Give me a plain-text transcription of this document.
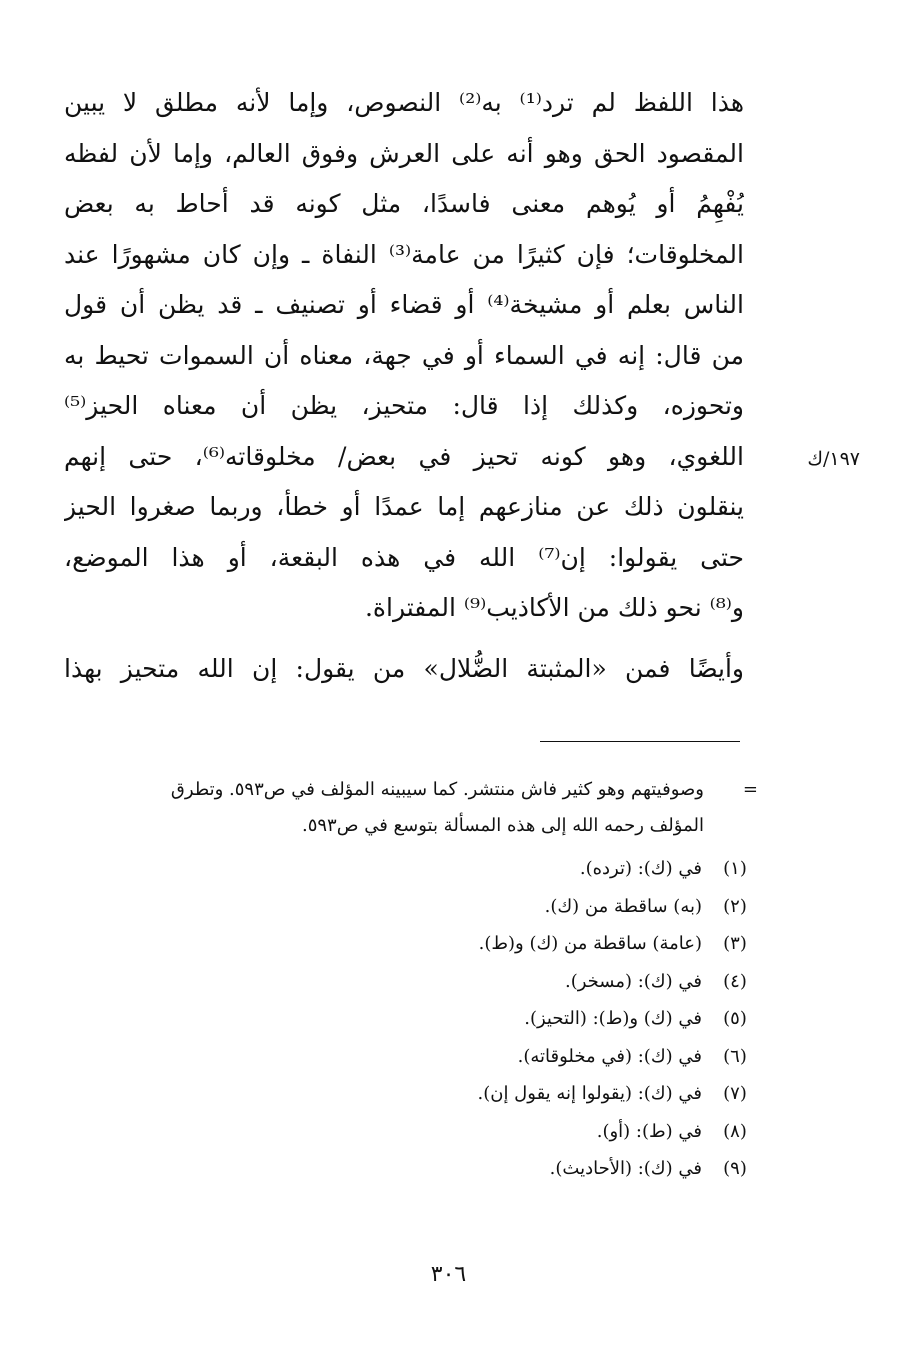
هذا اللفظ لم ترد⁽¹⁾ به⁽²⁾ النصوص، وإما لأنه مطلق لا يبين
المقصود الحق وهو أنه على العرش وفوق العالم، وإما لأن لفظه
يُفْهِمُ أو يُوهم معنى فاسدًا، مثل كونه قد أحاط به بعض
المخلوقات؛ فإن كثيرًا من عامة⁽³⁾ النفاة ـ وإن كان مشهورًا عند
الناس بعلم أو مشيخة⁽⁴⁾ أو قضاء أو تصنيف ـ قد يظن أن قول
من قال: إنه في السماء أو في جهة، معناه أن السموات تحيط به
وتحوزه، وكذلك إذا قال: متحيز، يظن أن معناه الحيز⁽⁵⁾
اللغوي، وهو كونه تحيز في بعض/ مخلوقاته⁽⁶⁾، حتى إنهم
ينقلون ذلك عن منازعهم إما عمدًا أو خطأ، وربما صغروا الحيز
حتى يقولوا: إن⁽⁷⁾ الله في هذه البقعة، أو هذا الموضع،
و⁽⁸⁾ نحو ذلك من الأكاذيب⁽⁹⁾ المفتراة.
وأيضًا فمن «المثبتة الضُّلال» من يقول: إن الله متحيز بهذا
١٩٧/ك
=
وصوفيتهم وهو كثير فاش منتشر. كما سيبينه المؤلف في ص٥٩٣. وتطرق
المؤلف رحمه الله إلى هذه المسألة بتوسع في ص٥٩٣.
(١)في (ك): (ترده).
(٢)(به) ساقطة من (ك).
(٣)(عامة) ساقطة من (ك) و(ط).
(٤)في (ك): (مسخر).
(٥)في (ك) و(ط): (التحيز).
(٦)في (ك): (في مخلوقاته).
(٧)في (ك): (يقولوا إنه يقول إن).
(٨)في (ط): (أو).
(٩)في (ك): (الأحاديث).
٣٠٦
